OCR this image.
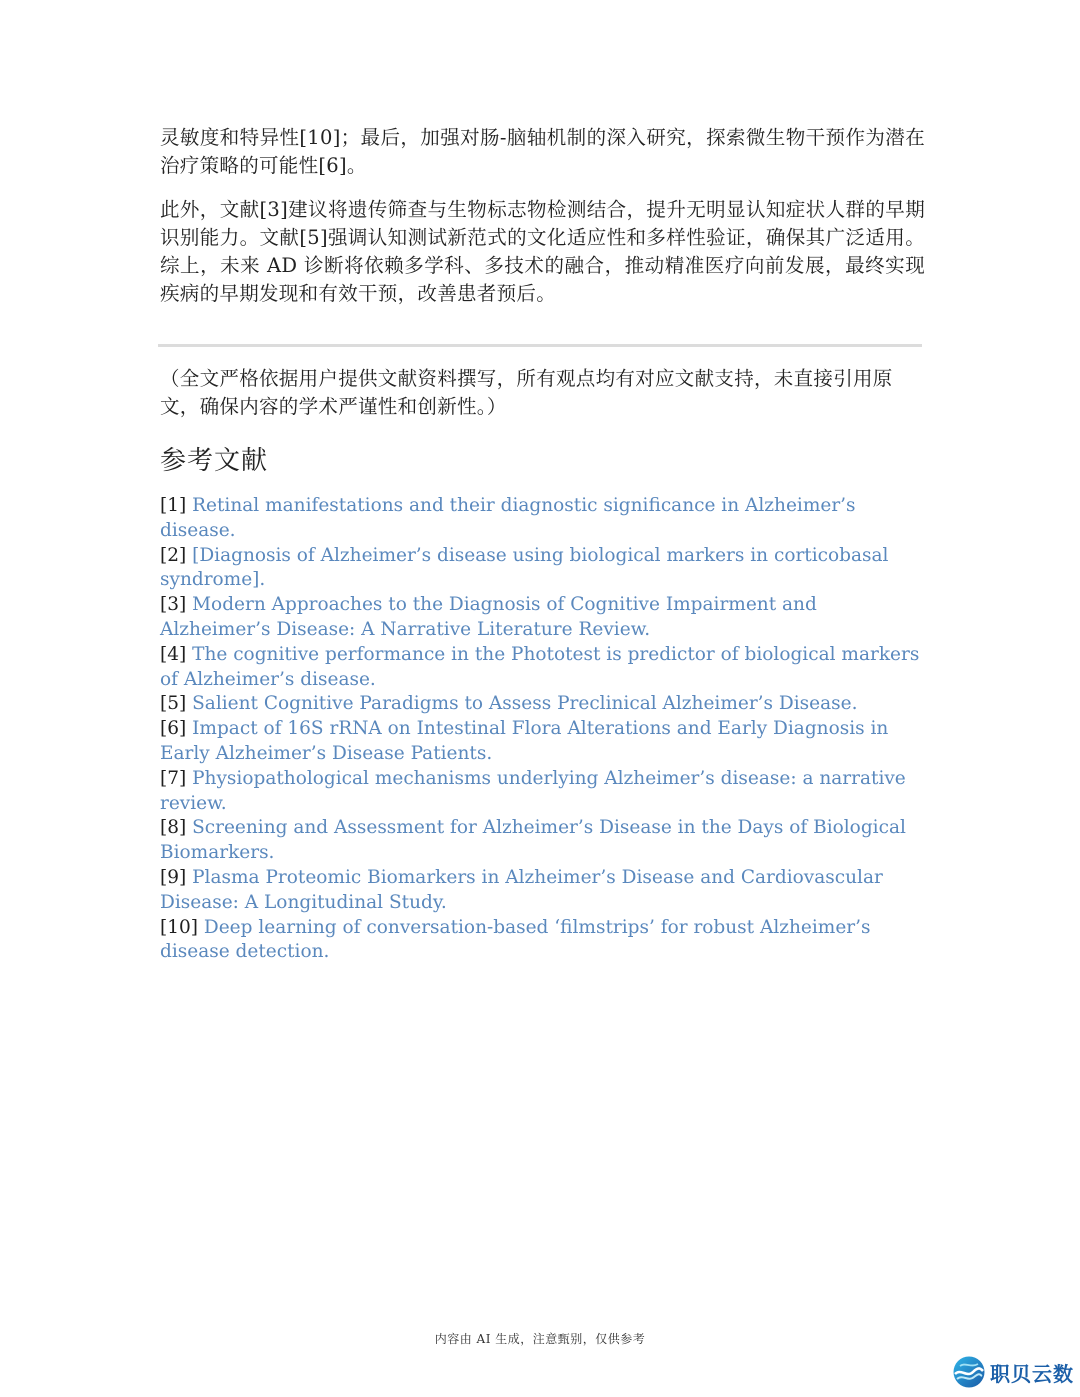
灵敏度和特异性[10]；最后，加强对肠-脑轴机制的深入研究，探索微生物干预作为潜在治疗策略的可能性[6]。

此外，文献[3]建议将遗传筛查与生物标志物检测结合，提升无明显认知症状人群的早期识别能力。文献[5]强调认知测试新范式的文化适应性和多样性验证，确保其广泛适用。综上，未来 AD 诊断将依赖多学科、多技术的融合，推动精准医疗向前发展，最终实现疾病的早期发现和有效干预，改善患者预后。

（全文严格依据用户提供文献资料撰写，所有观点均有对应文献支持，未直接引用原文，确保内容的学术严谨性和创新性。）

参考文献
[1] Retinal manifestations and their diagnostic significance in Alzheimer’s disease.
[2] [Diagnosis of Alzheimer’s disease using biological markers in corticobasal syndrome].
[3] Modern Approaches to the Diagnosis of Cognitive Impairment and Alzheimer’s Disease: A Narrative Literature Review.
[4] The cognitive performance in the Phototest is predictor of biological markers of Alzheimer’s disease.
[5] Salient Cognitive Paradigms to Assess Preclinical Alzheimer’s Disease.
[6] Impact of 16S rRNA on Intestinal Flora Alterations and Early Diagnosis in Early Alzheimer’s Disease Patients.
[7] Physiopathological mechanisms underlying Alzheimer’s disease: a narrative review.
[8] Screening and Assessment for Alzheimer’s Disease in the Days of Biological Biomarkers.
[9] Plasma Proteomic Biomarkers in Alzheimer’s Disease and Cardiovascular Disease: A Longitudinal Study.
[10] Deep learning of conversation-based ‘filmstrips’ for robust Alzheimer’s disease detection.
内容由 AI 生成，注意甄别，仅供参考
职贝云数
